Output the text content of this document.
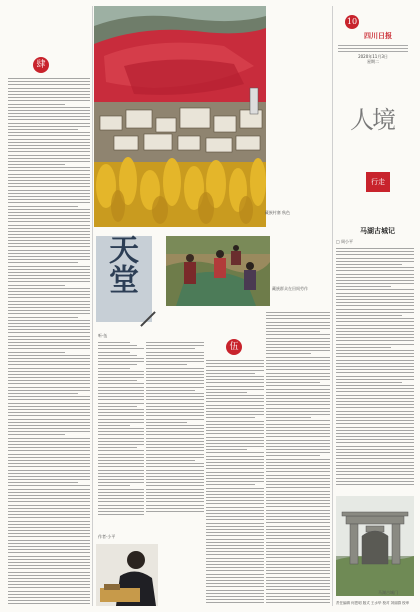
10
四川日报
2020年11月3日
星期二
人境
行走
藏族村寨 秋色
肆
天堂	藏族群众在田间劳作
听·伍
伍
马湖古城记
□ 周小平
马湖古城门
作者·小平
责任编辑 何恩明 版式 王水华 校对 刘丽群 校审
